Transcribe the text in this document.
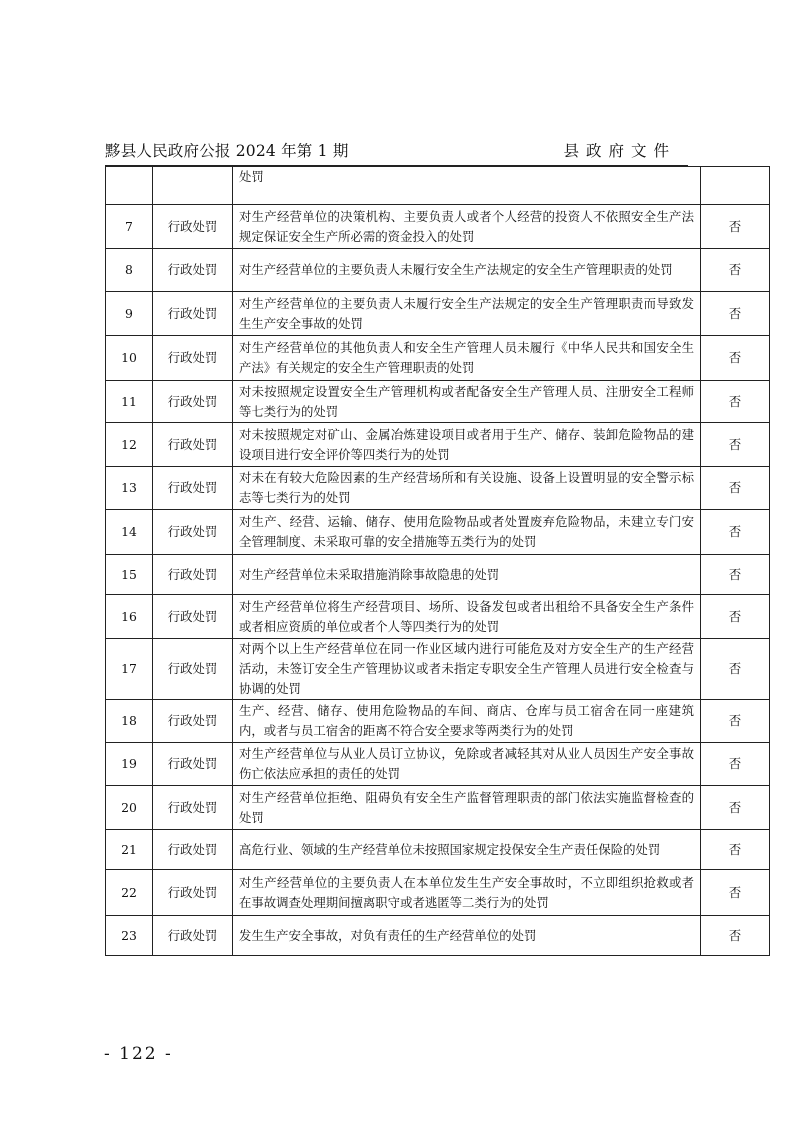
黟县人民政府公报 2024 年第 1 期	县政府文件
		处罚	
7	行政处罚	对生产经营单位的决策机构、主要负责人或者个人经营的投资人不依照安全生产法规定保证安全生产所必需的资金投入的处罚	否
8	行政处罚	对生产经营单位的主要负责人未履行安全生产法规定的安全生产管理职责的处罚	否
9	行政处罚	对生产经营单位的主要负责人未履行安全生产法规定的安全生产管理职责而导致发生生产安全事故的处罚	否
10	行政处罚	对生产经营单位的其他负责人和安全生产管理人员未履行《中华人民共和国安全生产法》有关规定的安全生产管理职责的处罚	否
11	行政处罚	对未按照规定设置安全生产管理机构或者配备安全生产管理人员、注册安全工程师等七类行为的处罚	否
12	行政处罚	对未按照规定对矿山、金属冶炼建设项目或者用于生产、储存、装卸危险物品的建设项目进行安全评价等四类行为的处罚	否
13	行政处罚	对未在有较大危险因素的生产经营场所和有关设施、设备上设置明显的安全警示标志等七类行为的处罚	否
14	行政处罚	对生产、经营、运输、储存、使用危险物品或者处置废弃危险物品，未建立专门安全管理制度、未采取可靠的安全措施等五类行为的处罚	否
15	行政处罚	对生产经营单位未采取措施消除事故隐患的处罚	否
16	行政处罚	对生产经营单位将生产经营项目、场所、设备发包或者出租给不具备安全生产条件或者相应资质的单位或者个人等四类行为的处罚	否
17	行政处罚	对两个以上生产经营单位在同一作业区域内进行可能危及对方安全生产的生产经营活动，未签订安全生产管理协议或者未指定专职安全生产管理人员进行安全检查与协调的处罚	否
18	行政处罚	生产、经营、储存、使用危险物品的车间、商店、仓库与员工宿舍在同一座建筑内，或者与员工宿舍的距离不符合安全要求等两类行为的处罚	否
19	行政处罚	对生产经营单位与从业人员订立协议，免除或者减轻其对从业人员因生产安全事故伤亡依法应承担的责任的处罚	否
20	行政处罚	对生产经营单位拒绝、阻碍负有安全生产监督管理职责的部门依法实施监督检查的处罚	否
21	行政处罚	高危行业、领域的生产经营单位未按照国家规定投保安全生产责任保险的处罚	否
22	行政处罚	对生产经营单位的主要负责人在本单位发生生产安全事故时，不立即组织抢救或者在事故调查处理期间擅离职守或者逃匿等二类行为的处罚	否
23	行政处罚	发生生产安全事故，对负有责任的生产经营单位的处罚	否
- 122 -
